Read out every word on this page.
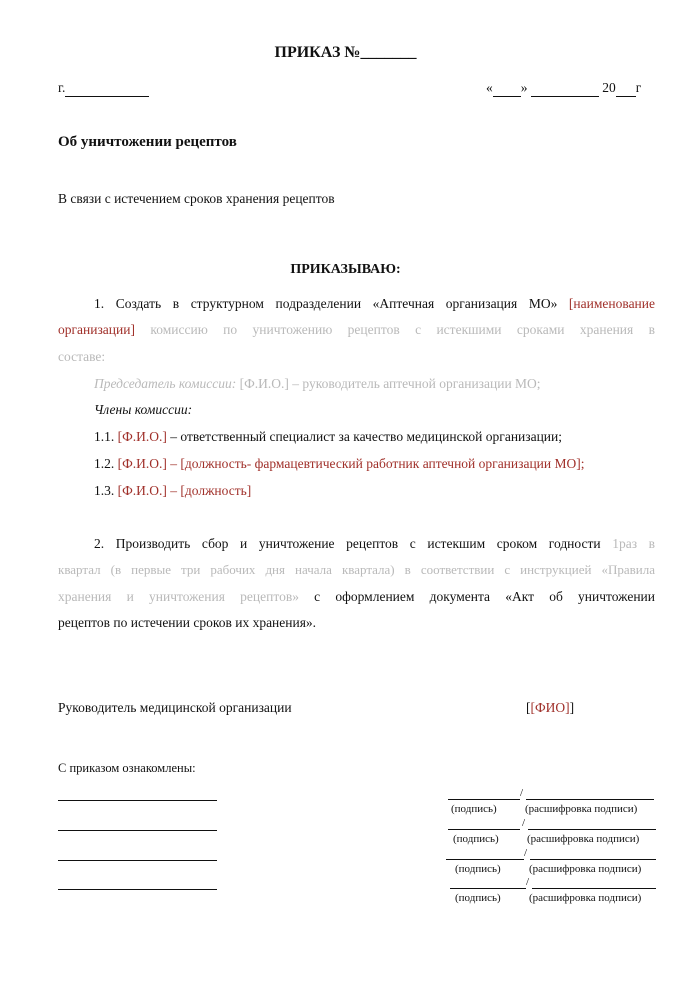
ПРИКАЗ №_______
г.	« »	20 г
Об уничтожении рецептов
В связи с истечением сроков хранения рецептов
ПРИКАЗЫВАЮ:
1. Создать в структурном подразделении «Аптечная организация МО» [наименование
организации] комиссию по уничтожению рецептов с истекшими сроками хранения в
составе:
Председатель комиссии: [Ф.И.О.] – руководитель аптечной организации МО;
Члены комиссии:
1.1. [Ф.И.О.] – ответственный специалист за качество медицинской организации;
1.2. [Ф.И.О.] – [должность- фармацевтический работник аптечной организации МО];
1.3. [Ф.И.О.] – [должность]
2. Производить сбор и уничтожение рецептов с истекшим сроком годности 1раз в
квартал (в первые три рабочих дня начала квартала) в соответствии с инструкцией «Правила
хранения и уничтожения рецептов» с оформлением документа «Акт об уничтожении
рецептов по истечении сроков их хранения».
Руководитель медицинской организации	[[ФИО]]
С приказом ознакомлены:
/
(подпись)	(расшифровка подписи)
/
(подпись)	(расшифровка подписи)
/
(подпись)	(расшифровка подписи)
/
(подпись)	(расшифровка подписи)
